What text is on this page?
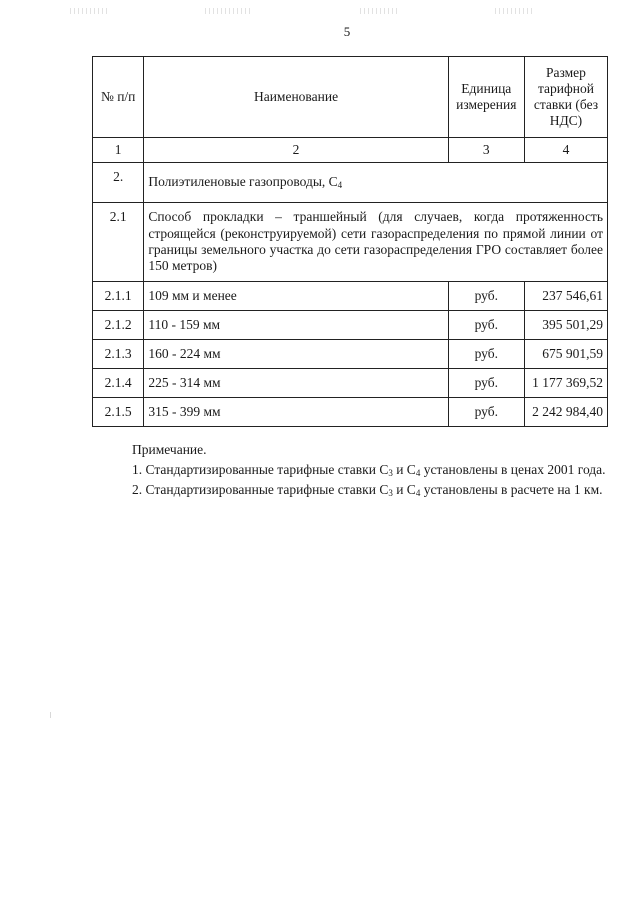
5
№ п/п	Наименование	Единица измерения	Размер тарифной ставки (без НДС)
1	2	3	4
2.	Полиэтиленовые газопроводы, $С_4$
2.1	Способ прокладки – траншейный (для случаев, когда протяженность строящейся (реконструируемой) сети газораспределения по прямой линии от границы земельного участка до сети газораспределения ГРО составляет более 150 метров)		
2.1.1	109 мм и менее	руб.	237 546,61
2.1.2	110 - 159 мм	руб.	395 501,29
2.1.3	160 - 224 мм	руб.	675 901,59
2.1.4	225 - 314 мм	руб.	1 177 369,52
2.1.5	315 - 399 мм	руб.	2 242 984,40

Примечание.

1. Стандартизированные тарифные ставки $С_3$ и $С_4$ установлены в ценах 2001 года.

2. Стандартизированные тарифные ставки $С_3$ и $С_4$ установлены в расчете на 1 км.
